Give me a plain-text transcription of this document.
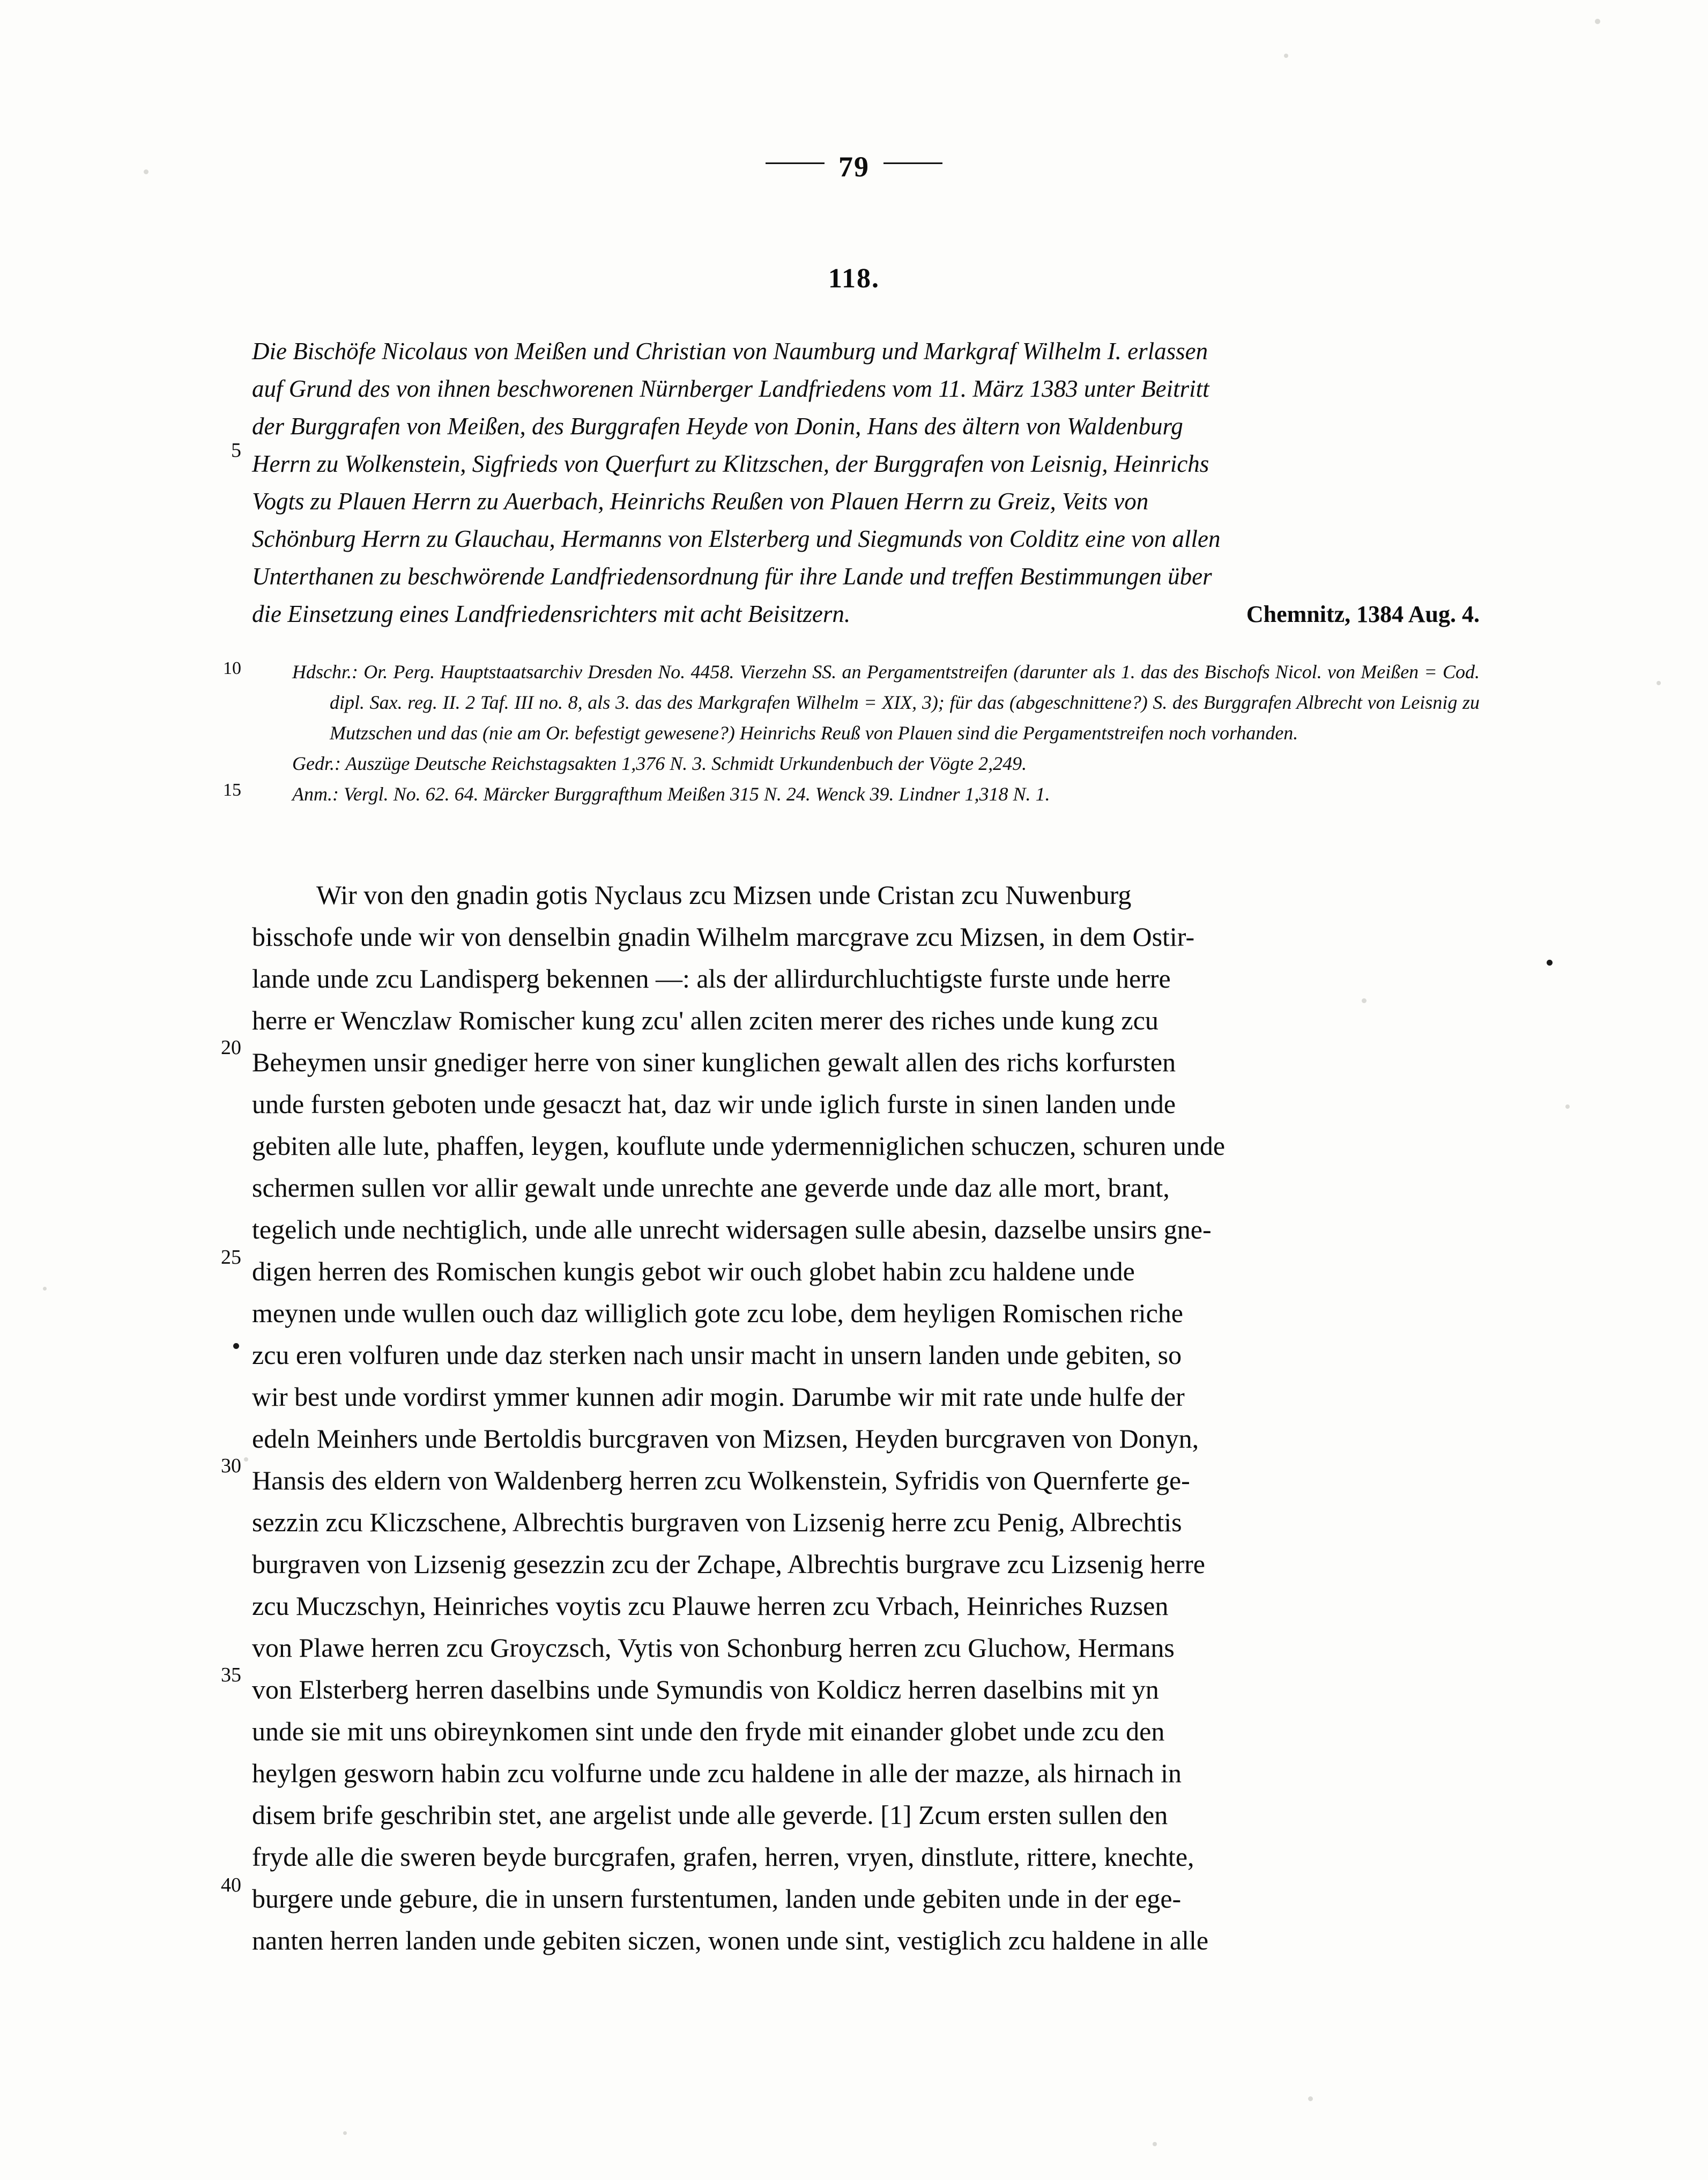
79
118.
Die Bischöfe Nicolaus von Meißen und Christian von Naumburg und Markgraf Wilhelm I. erlassen
auf Grund des von ihnen beschworenen Nürnberger Landfriedens vom 11. März 1383 unter Beitritt
der Burggrafen von Meißen, des Burggrafen Heyde von Donin, Hans des ältern von Waldenburg
Herrn zu Wolkenstein, Sigfrieds von Querfurt zu Klitzschen, der Burggrafen von Leisnig, Heinrichs
Vogts zu Plauen Herrn zu Auerbach, Heinrichs Reußen von Plauen Herrn zu Greiz, Veits von
Schönburg Herrn zu Glauchau, Hermanns von Elsterberg und Siegmunds von Colditz eine von allen
Unterthanen zu beschwörende Landfriedensordnung für ihre Lande und treffen Bestimmungen über
die Einsetzung eines Landfriedensrichters mit acht Beisitzern.	Chemnitz, 1384 Aug. 4.

Hdschr.: Or. Perg. Hauptstaatsarchiv Dresden No. 4458. Vierzehn SS. an Pergamentstreifen (darunter als 1. das des Bischofs Nicol. von Meißen = Cod. dipl. Sax. reg. II. 2 Taf. III no. 8, als 3. das des Markgrafen Wilhelm = XIX, 3); für das (abgeschnittene?) S. des Burggrafen Albrecht von Leisnig zu Mutzschen und das (nie am Or. befestigt gewesene?) Heinrichs Reuß von Plauen sind die Pergamentstreifen noch vorhanden.

Gedr.: Auszüge Deutsche Reichstagsakten 1,376 N. 3. Schmidt Urkundenbuch der Vögte 2,249.

Anm.: Vergl. No. 62. 64. Märcker Burggrafthum Meißen 315 N. 24. Wenck 39. Lindner 1,318 N. 1.

Wir von den gnadin gotis Nyclaus zcu Mizsen unde Cristan zcu Nuwenburg

bisschofe unde wir von denselbin gnadin Wilhelm marcgrave zcu Mizsen, in dem Ostir-

lande unde zcu Landisperg bekennen —: als der allirdurchluchtigste furste unde herre

herre er Wenczlaw Romischer kung zcu' allen zciten merer des riches unde kung zcu

Beheymen unsir gnediger herre von siner kunglichen gewalt allen des richs korfursten

unde fursten geboten unde gesaczt hat, daz wir unde iglich furste in sinen landen unde

gebiten alle lute, phaffen, leygen, kouflute unde ydermenniglichen schuczen, schuren unde

schermen sullen vor allir gewalt unde unrechte ane geverde unde daz alle mort, brant,

tegelich unde nechtiglich, unde alle unrecht widersagen sulle abesin, dazselbe unsirs gne-

digen herren des Romischen kungis gebot wir ouch globet habin zcu haldene unde

meynen unde wullen ouch daz williglich gote zcu lobe, dem heyligen Romischen riche

zcu eren volfuren unde daz sterken nach unsir macht in unsern landen unde gebiten, so

wir best unde vordirst ymmer kunnen adir mogin. Darumbe wir mit rate unde hulfe der

edeln Meinhers unde Bertoldis burcgraven von Mizsen, Heyden burcgraven von Donyn,

Hansis des eldern von Waldenberg herren zcu Wolkenstein, Syfridis von Quernferte ge-

sezzin zcu Kliczschene, Albrechtis burgraven von Lizsenig herre zcu Penig, Albrechtis

burgraven von Lizsenig gesezzin zcu der Zchape, Albrechtis burgrave zcu Lizsenig herre

zcu Muczschyn, Heinriches voytis zcu Plauwe herren zcu Vrbach, Heinriches Ruzsen

von Plawe herren zcu Groyczsch, Vytis von Schonburg herren zcu Gluchow, Hermans

von Elsterberg herren daselbins unde Symundis von Koldicz herren daselbins mit yn

unde sie mit uns obireynkomen sint unde den fryde mit einander globet unde zcu den

heylgen gesworn habin zcu volfurne unde zcu haldene in alle der mazze, als hirnach in

disem brife geschribin stet, ane argelist unde alle geverde. [1] Zcum ersten sullen den

fryde alle die sweren beyde burcgrafen, grafen, herren, vryen, dinstlute, rittere, knechte,

burgere unde gebure, die in unsern furstentumen, landen unde gebiten unde in der ege-

nanten herren landen unde gebiten siczen, wonen unde sint, vestiglich zcu haldene in alle

5
10
15
20
25
30
35
40
